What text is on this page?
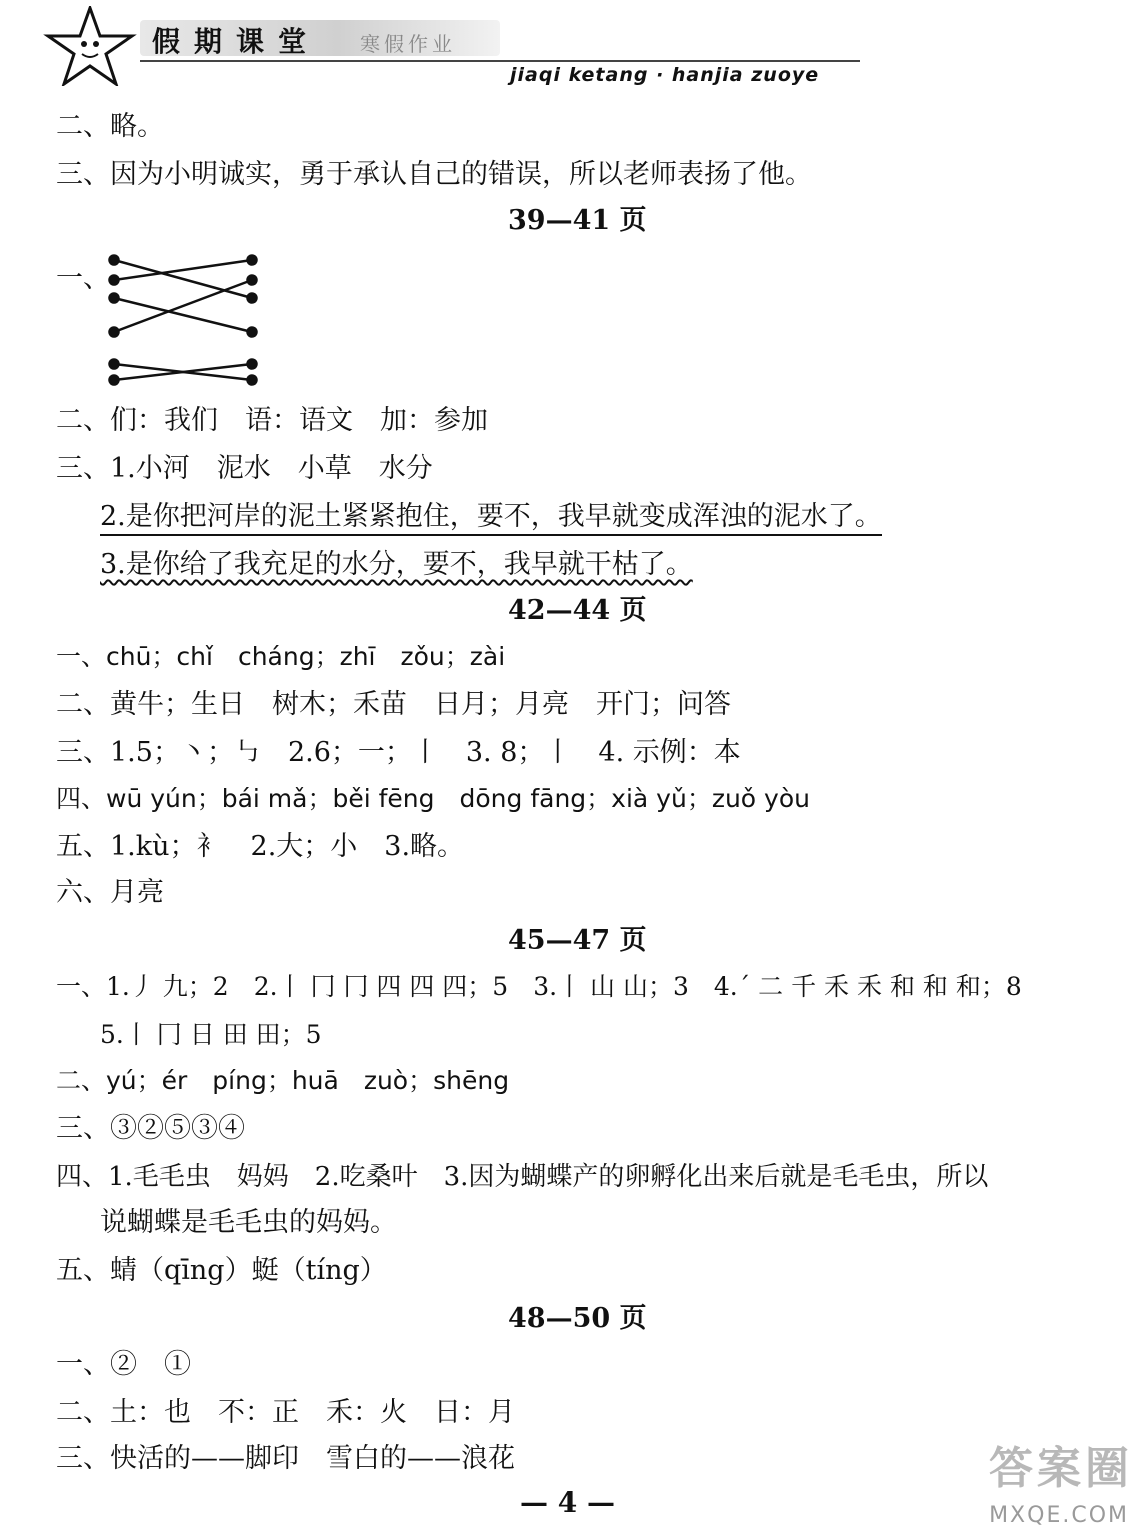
假期课堂 寒假作业
jiaqi ketang · hanjia zuoye
二、略。
三、因为小明诚实，勇于承认自己的错误，所以老师表扬了他。
39—41 页
一、
二、们：我们　语：语文　加：参加
三、1.小河　泥水　小草　水分
2.是你把河岸的泥土紧紧抱住，要不，我早就变成浑浊的泥水了。
3.是你给了我充足的水分，要不，我早就干枯了。
42—44 页
一、chū；chǐ　cháng；zhī　zǒu；zài
二、黄牛；生日　树木；禾苗　日月；月亮　开门；问答
三、1.5；丶；㇉　2.6；一；丨　3. 8；丨　4. 示例：本
四、wū yún；bái mǎ；běi fēng　dōng fāng；xià yǔ；zuǒ yòu
五、1.kù；衤　2.大；小　3.略。
六、月亮
45—47 页
一、1.丿 九；2　2.丨 冂 冂 四 四 四；5　3.丨 山 山；3　4.ˊ 二 千 禾 禾 和 和 和；8
5.丨 冂 日 田 田；5
二、yú；ér　píng；huā　zuò；shēng
三、③②⑤③④
四、1.毛毛虫　妈妈　2.吃桑叶　3.因为蝴蝶产的卵孵化出来后就是毛毛虫，所以
说蝴蝶是毛毛虫的妈妈。
五、蜻（qīng）蜓（tíng）
48—50 页
一、②　①
二、土：也　不：正　禾：火　日：月
三、快活的——脚印　雪白的——浪花
— 4 —
答案圈
MXQE.COM
